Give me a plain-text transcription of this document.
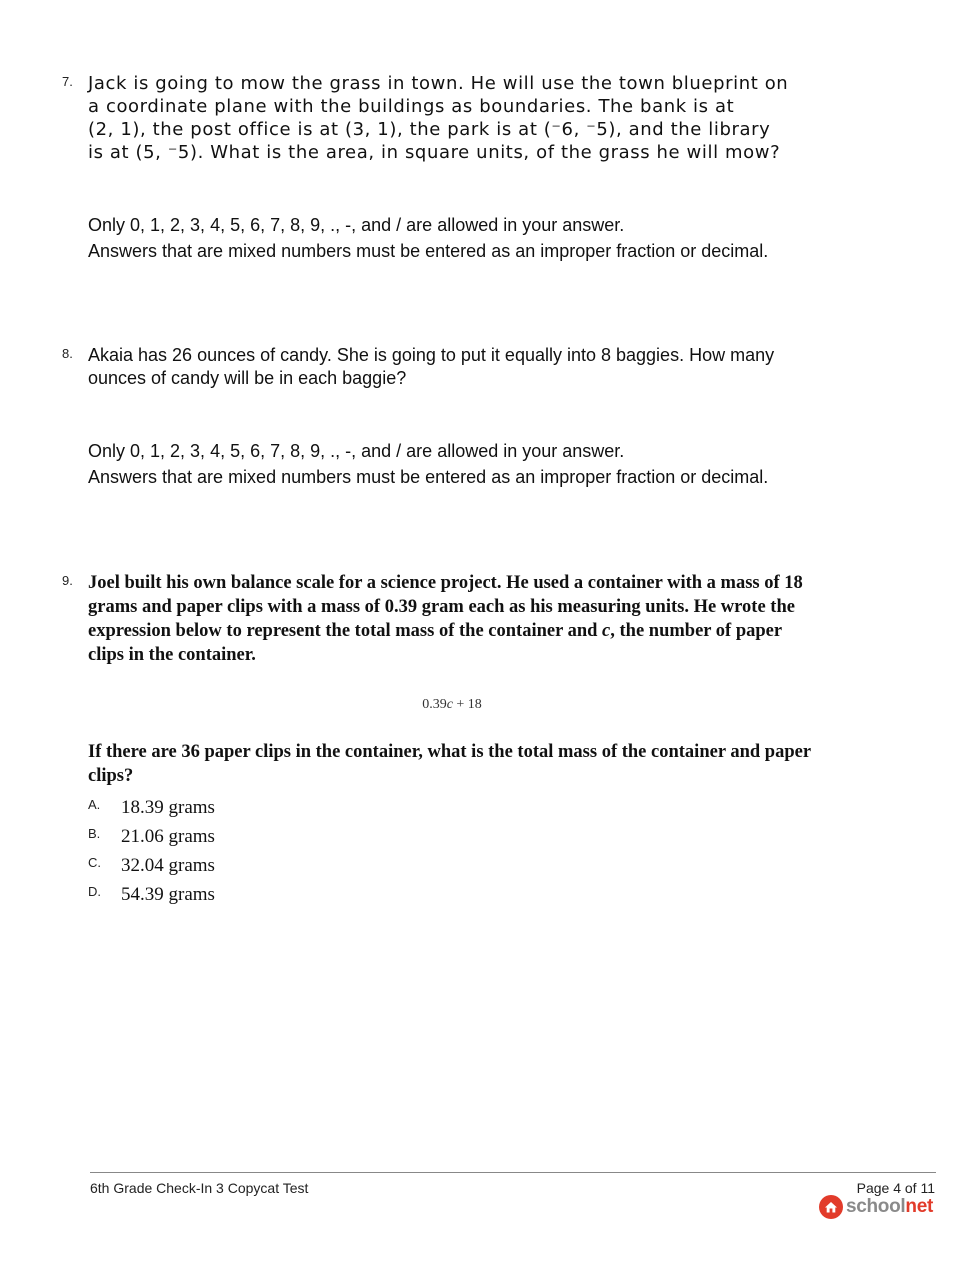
7. Jack is going to mow the grass in town. He will use the town blueprint on
a coordinate plane with the buildings as boundaries. The bank is at
(2, 1), the post office is at (3, 1), the park is at (⁻6, ⁻5), and the library
is at (5, ⁻5). What is the area, in square units, of the grass he will mow?
Only 0, 1, 2, 3, 4, 5, 6, 7, 8, 9, ., -, and / are allowed in your answer.
Answers that are mixed numbers must be entered as an improper fraction or decimal.
8. Akaia has 26 ounces of candy. She is going to put it equally into 8 baggies. How many
ounces of candy will be in each baggie?
Only 0, 1, 2, 3, 4, 5, 6, 7, 8, 9, ., -, and / are allowed in your answer.
Answers that are mixed numbers must be entered as an improper fraction or decimal.
9. Joel built his own balance scale for a science project. He used a container with a mass of 18
grams and paper clips with a mass of 0.39 gram each as his measuring units. He wrote the
expression below to represent the total mass of the container and c, the number of paper
clips in the container.
0.39c + 18
If there are 36 paper clips in the container, what is the total mass of the container and paper
clips?
A. 18.39 grams
B. 21.06 grams
C. 32.04 grams
D. 54.39 grams
6th Grade Check-In 3 Copycat Test	Page 4 of 11
schoolnet
